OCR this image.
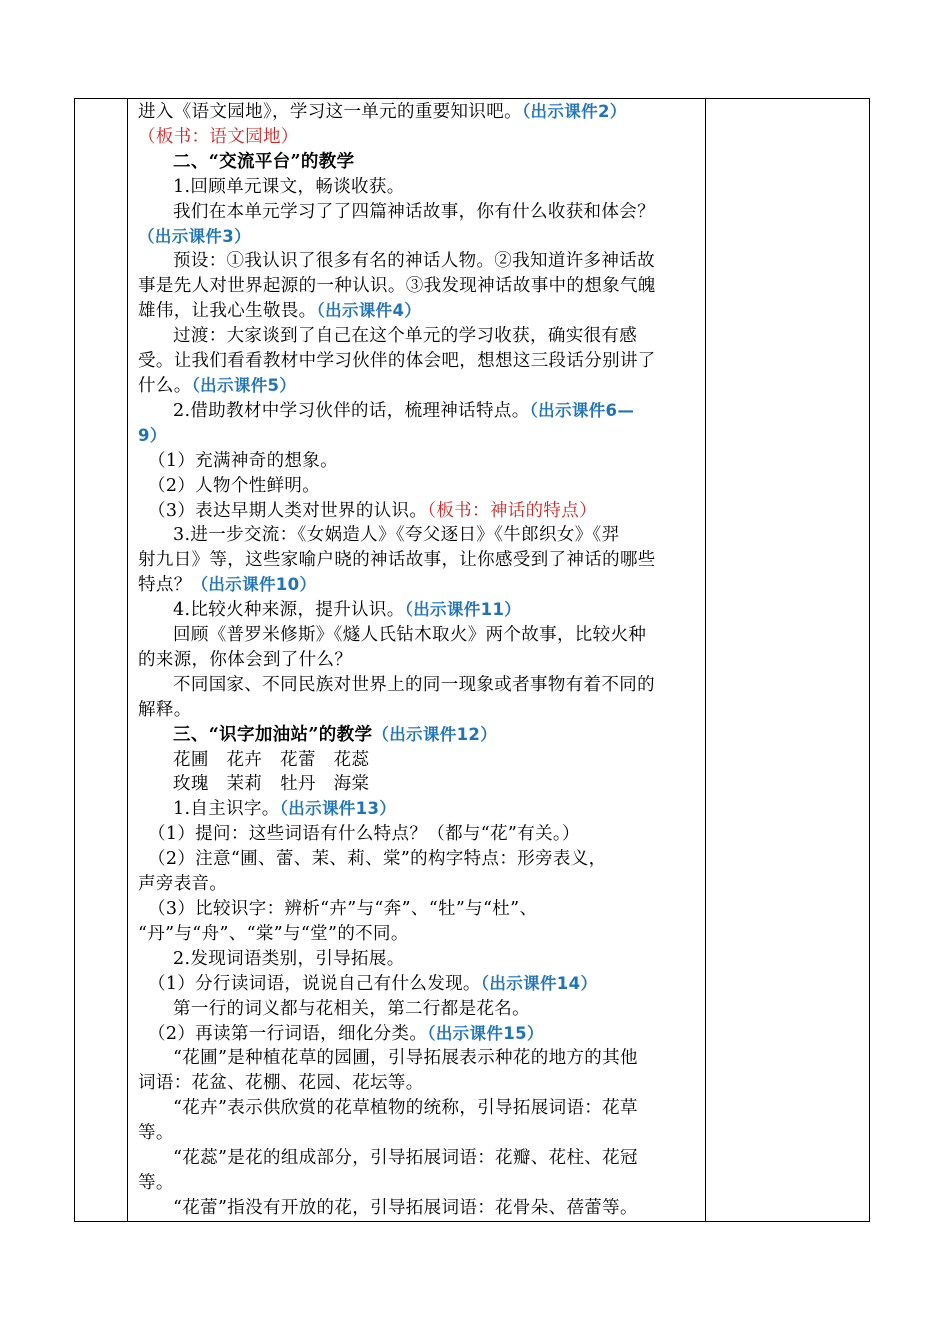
进入《语文园地》，学习这一单元的重要知识吧。（出示课件2）
（板书：语文园地）
二、“交流平台”的教学
1.回顾单元课文，畅谈收获。
我们在本单元学习了了四篇神话故事，你有什么收获和体会？
（出示课件3）
预设：①我认识了很多有名的神话人物。②我知道许多神话故
事是先人对世界起源的一种认识。③我发现神话故事中的想象气魄
雄伟，让我心生敬畏。（出示课件4）
过渡：大家谈到了自己在这个单元的学习收获，确实很有感
受。让我们看看教材中学习伙伴的体会吧，想想这三段话分别讲了
什么。（出示课件5）
2.借助教材中学习伙伴的话，梳理神话特点。（出示课件6—
9）
（1）充满神奇的想象。
（2）人物个性鲜明。
（3）表达早期人类对世界的认识。（板书：神话的特点）
3.进一步交流：《女娲造人》《夸父逐日》《牛郎织女》《羿
射九日》等，这些家喻户晓的神话故事，让你感受到了神话的哪些
特点？（出示课件10）
4.比较火种来源，提升认识。（出示课件11）
回顾《普罗米修斯》《燧人氏钻木取火》两个故事，比较火种
的来源，你体会到了什么？
不同国家、不同民族对世界上的同一现象或者事物有着不同的
解释。
三、“识字加油站”的教学（出示课件12）
花圃　花卉　花蕾　花蕊
玫瑰　茉莉　牡丹　海棠
1.自主识字。（出示课件13）
（1）提问：这些词语有什么特点？（都与“花”有关。）
（2）注意“圃、蕾、茉、莉、棠”的构字特点：形旁表义，
声旁表音。
（3）比较识字：辨析“卉”与“奔”、“牡”与“杜”、
“丹”与“舟”、“棠”与“堂”的不同。
2.发现词语类别，引导拓展。
（1）分行读词语，说说自己有什么发现。（出示课件14）
第一行的词义都与花相关，第二行都是花名。
（2）再读第一行词语，细化分类。（出示课件15）
“花圃”是种植花草的园圃，引导拓展表示种花的地方的其他
词语：花盆、花棚、花园、花坛等。
“花卉”表示供欣赏的花草植物的统称，引导拓展词语：花草
等。
“花蕊”是花的组成部分，引导拓展词语：花瓣、花柱、花冠
等。
“花蕾”指没有开放的花，引导拓展词语：花骨朵、蓓蕾等。
